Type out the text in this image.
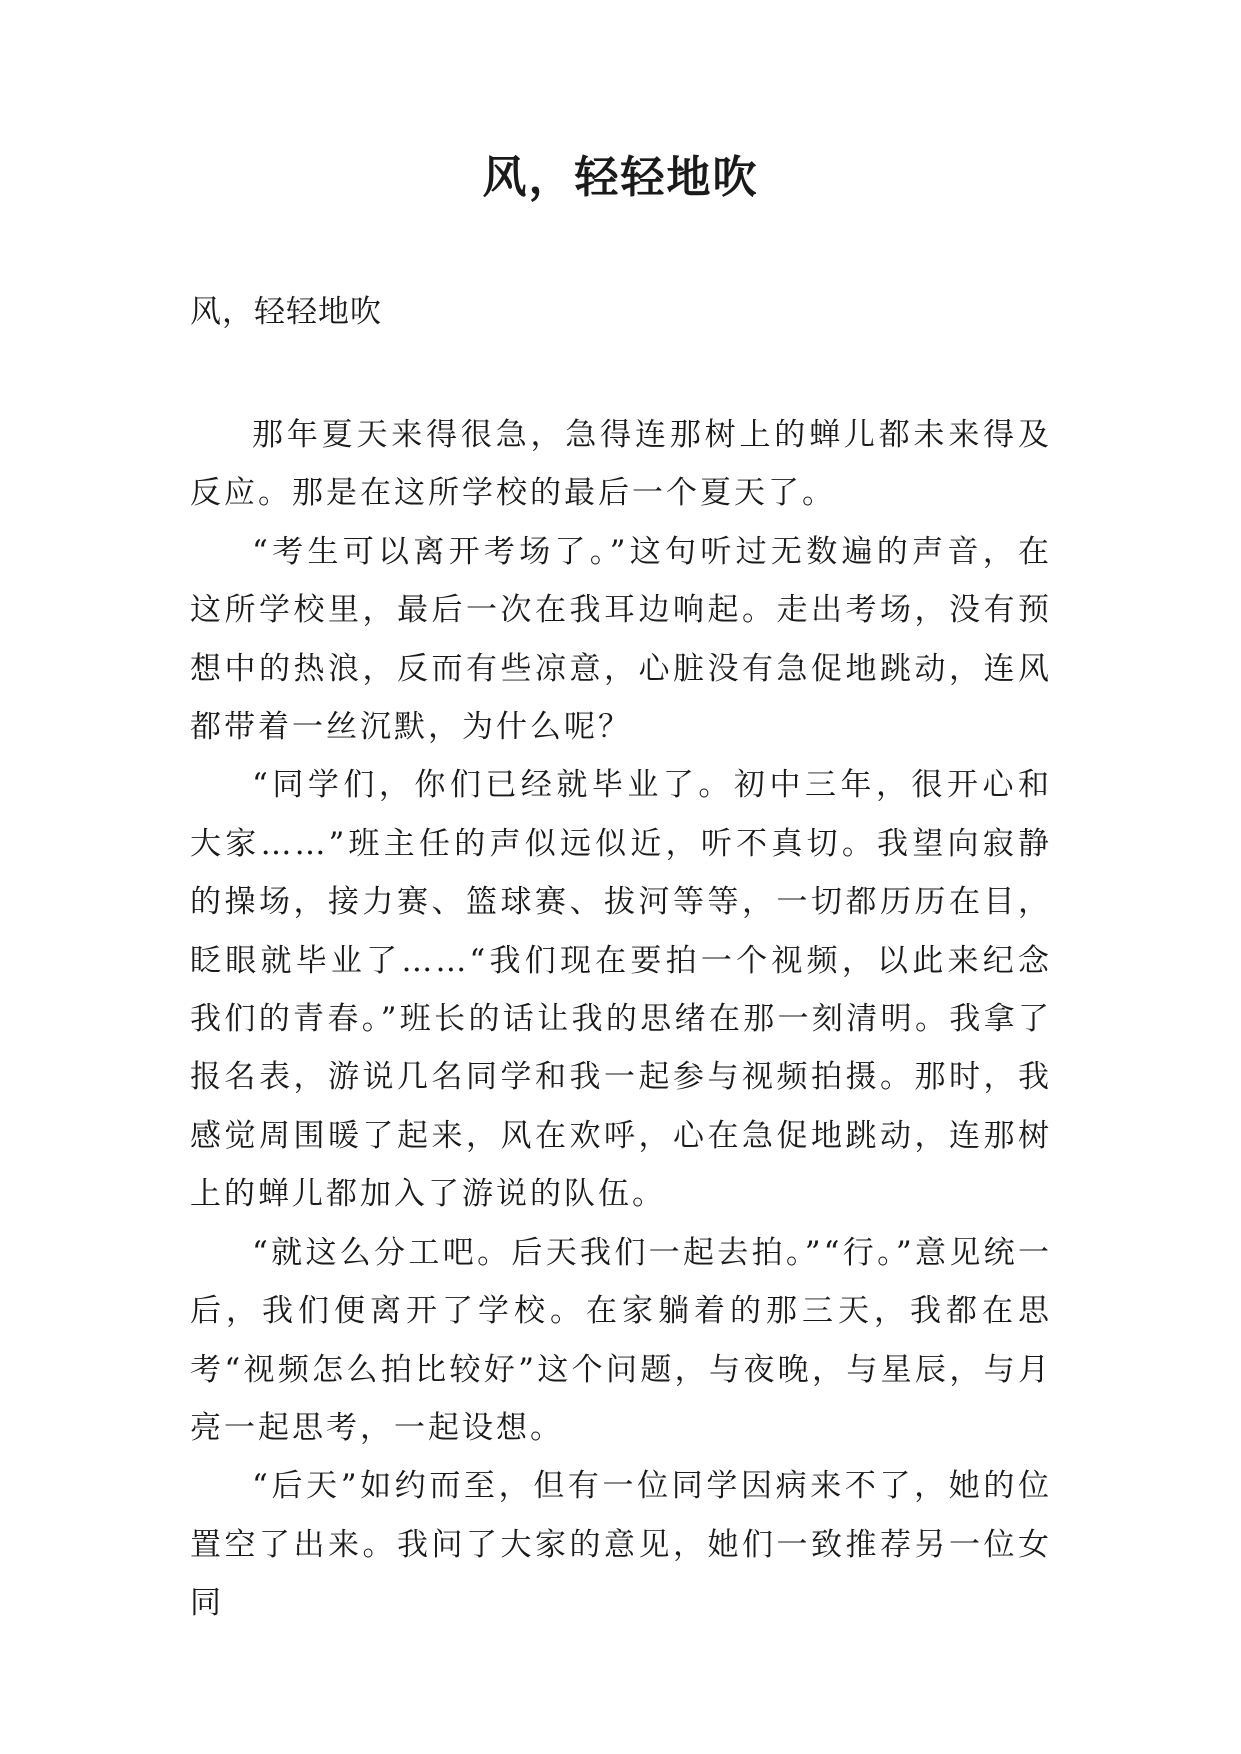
风，轻轻地吹
风，轻轻地吹

那年夏天来得很急，急得连那树上的蝉儿都未来得及反应。那是在这所学校的最后一个夏天了。

“考生可以离开考场了。”这句听过无数遍的声音，在这所学校里，最后一次在我耳边响起。走出考场，没有预想中的热浪，反而有些凉意，心脏没有急促地跳动，连风都带着一丝沉默，为什么呢？

“同学们，你们已经就毕业了。初中三年，很开心和大家……”班主任的声似远似近，听不真切。我望向寂静的操场，接力赛、篮球赛、拔河等等，一切都历历在目，眨眼就毕业了……“我们现在要拍一个视频，以此来纪念我们的青春。”班长的话让我的思绪在那一刻清明。我拿了报名表，游说几名同学和我一起参与视频拍摄。那时，我感觉周围暖了起来，风在欢呼，心在急促地跳动，连那树上的蝉儿都加入了游说的队伍。

“就这么分工吧。后天我们一起去拍。”“行。”意见统一后，我们便离开了学校。在家躺着的那三天，我都在思考“视频怎么拍比较好”这个问题，与夜晚，与星辰，与月亮一起思考，一起设想。

“后天”如约而至，但有一位同学因病来不了，她的位置空了出来。我问了大家的意见，她们一致推荐另一位女同
